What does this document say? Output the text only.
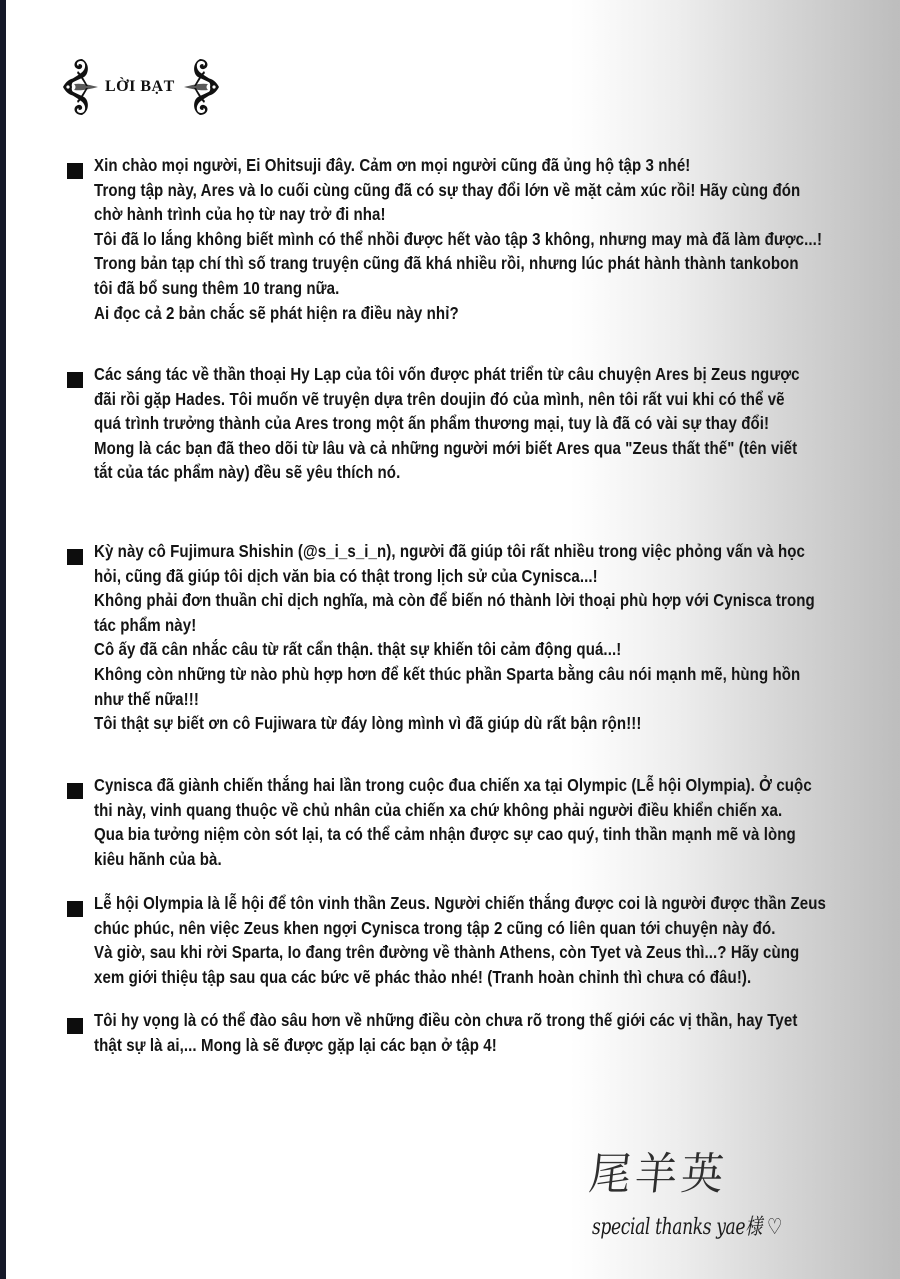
LỜI BẠT
Xin chào mọi người, Ei Ohitsuji đây. Cảm ơn mọi người cũng đã ủng hộ tập 3 nhé!
Trong tập này, Ares và Io cuối cùng cũng đã có sự thay đổi lớn về mặt cảm xúc rồi! Hãy cùng đón
chờ hành trình của họ từ nay trở đi nha!
Tôi đã lo lắng không biết mình có thể nhồi được hết vào tập 3 không, nhưng may mà đã làm được...!
Trong bản tạp chí thì số trang truyện cũng đã khá nhiều rồi, nhưng lúc phát hành thành tankobon
tôi đã bổ sung thêm 10 trang nữa.
Ai đọc cả 2 bản chắc sẽ phát hiện ra điều này nhỉ?
Các sáng tác về thần thoại Hy Lạp của tôi vốn được phát triển từ câu chuyện Ares bị Zeus ngược
đãi rồi gặp Hades. Tôi muốn vẽ truyện dựa trên doujin đó của mình, nên tôi rất vui khi có thể vẽ
quá trình trưởng thành của Ares trong một ấn phẩm thương mại, tuy là đã có vài sự thay đổi!
Mong là các bạn đã theo dõi từ lâu và cả những người mới biết Ares qua "Zeus thất thế" (tên viết
tắt của tác phẩm này) đều sẽ yêu thích nó.
Kỳ này cô Fujimura Shishin (@s_i_s_i_n), người đã giúp tôi rất nhiều trong việc phỏng vấn và học
hỏi, cũng đã giúp tôi dịch văn bia có thật trong lịch sử của Cynisca...!
Không phải đơn thuần chỉ dịch nghĩa, mà còn để biến nó thành lời thoại phù hợp với Cynisca trong
tác phẩm này!
Cô ấy đã cân nhắc câu từ rất cẩn thận. thật sự khiến tôi cảm động quá...!
Không còn những từ nào phù hợp hơn để kết thúc phần Sparta bằng câu nói mạnh mẽ, hùng hồn
như thế nữa!!!
Tôi thật sự biết ơn cô Fujiwara từ đáy lòng mình vì đã giúp dù rất bận rộn!!!
Cynisca đã giành chiến thắng hai lần trong cuộc đua chiến xa tại Olympic (Lễ hội Olympia). Ở cuộc
thi này, vinh quang thuộc về chủ nhân của chiến xa chứ không phải người điều khiển chiến xa.
Qua bia tưởng niệm còn sót lại, ta có thể cảm nhận được sự cao quý, tinh thần mạnh mẽ và lòng
kiêu hãnh của bà.
Lễ hội Olympia là lễ hội để tôn vinh thần Zeus. Người chiến thắng được coi là người được thần Zeus
chúc phúc, nên việc Zeus khen ngợi Cynisca trong tập 2 cũng có liên quan tới chuyện này đó.
Và giờ, sau khi rời Sparta, Io đang trên đường về thành Athens, còn Tyet và Zeus thì...? Hãy cùng
xem giới thiệu tập sau qua các bức vẽ phác thảo nhé! (Tranh hoàn chỉnh thì chưa có đâu!).
Tôi hy vọng là có thể đào sâu hơn về những điều còn chưa rõ trong thế giới các vị thần, hay Tyet
thật sự là ai,... Mong là sẽ được gặp lại các bạn ở tập 4!
尾羊英
special thanks yae様 ♡
